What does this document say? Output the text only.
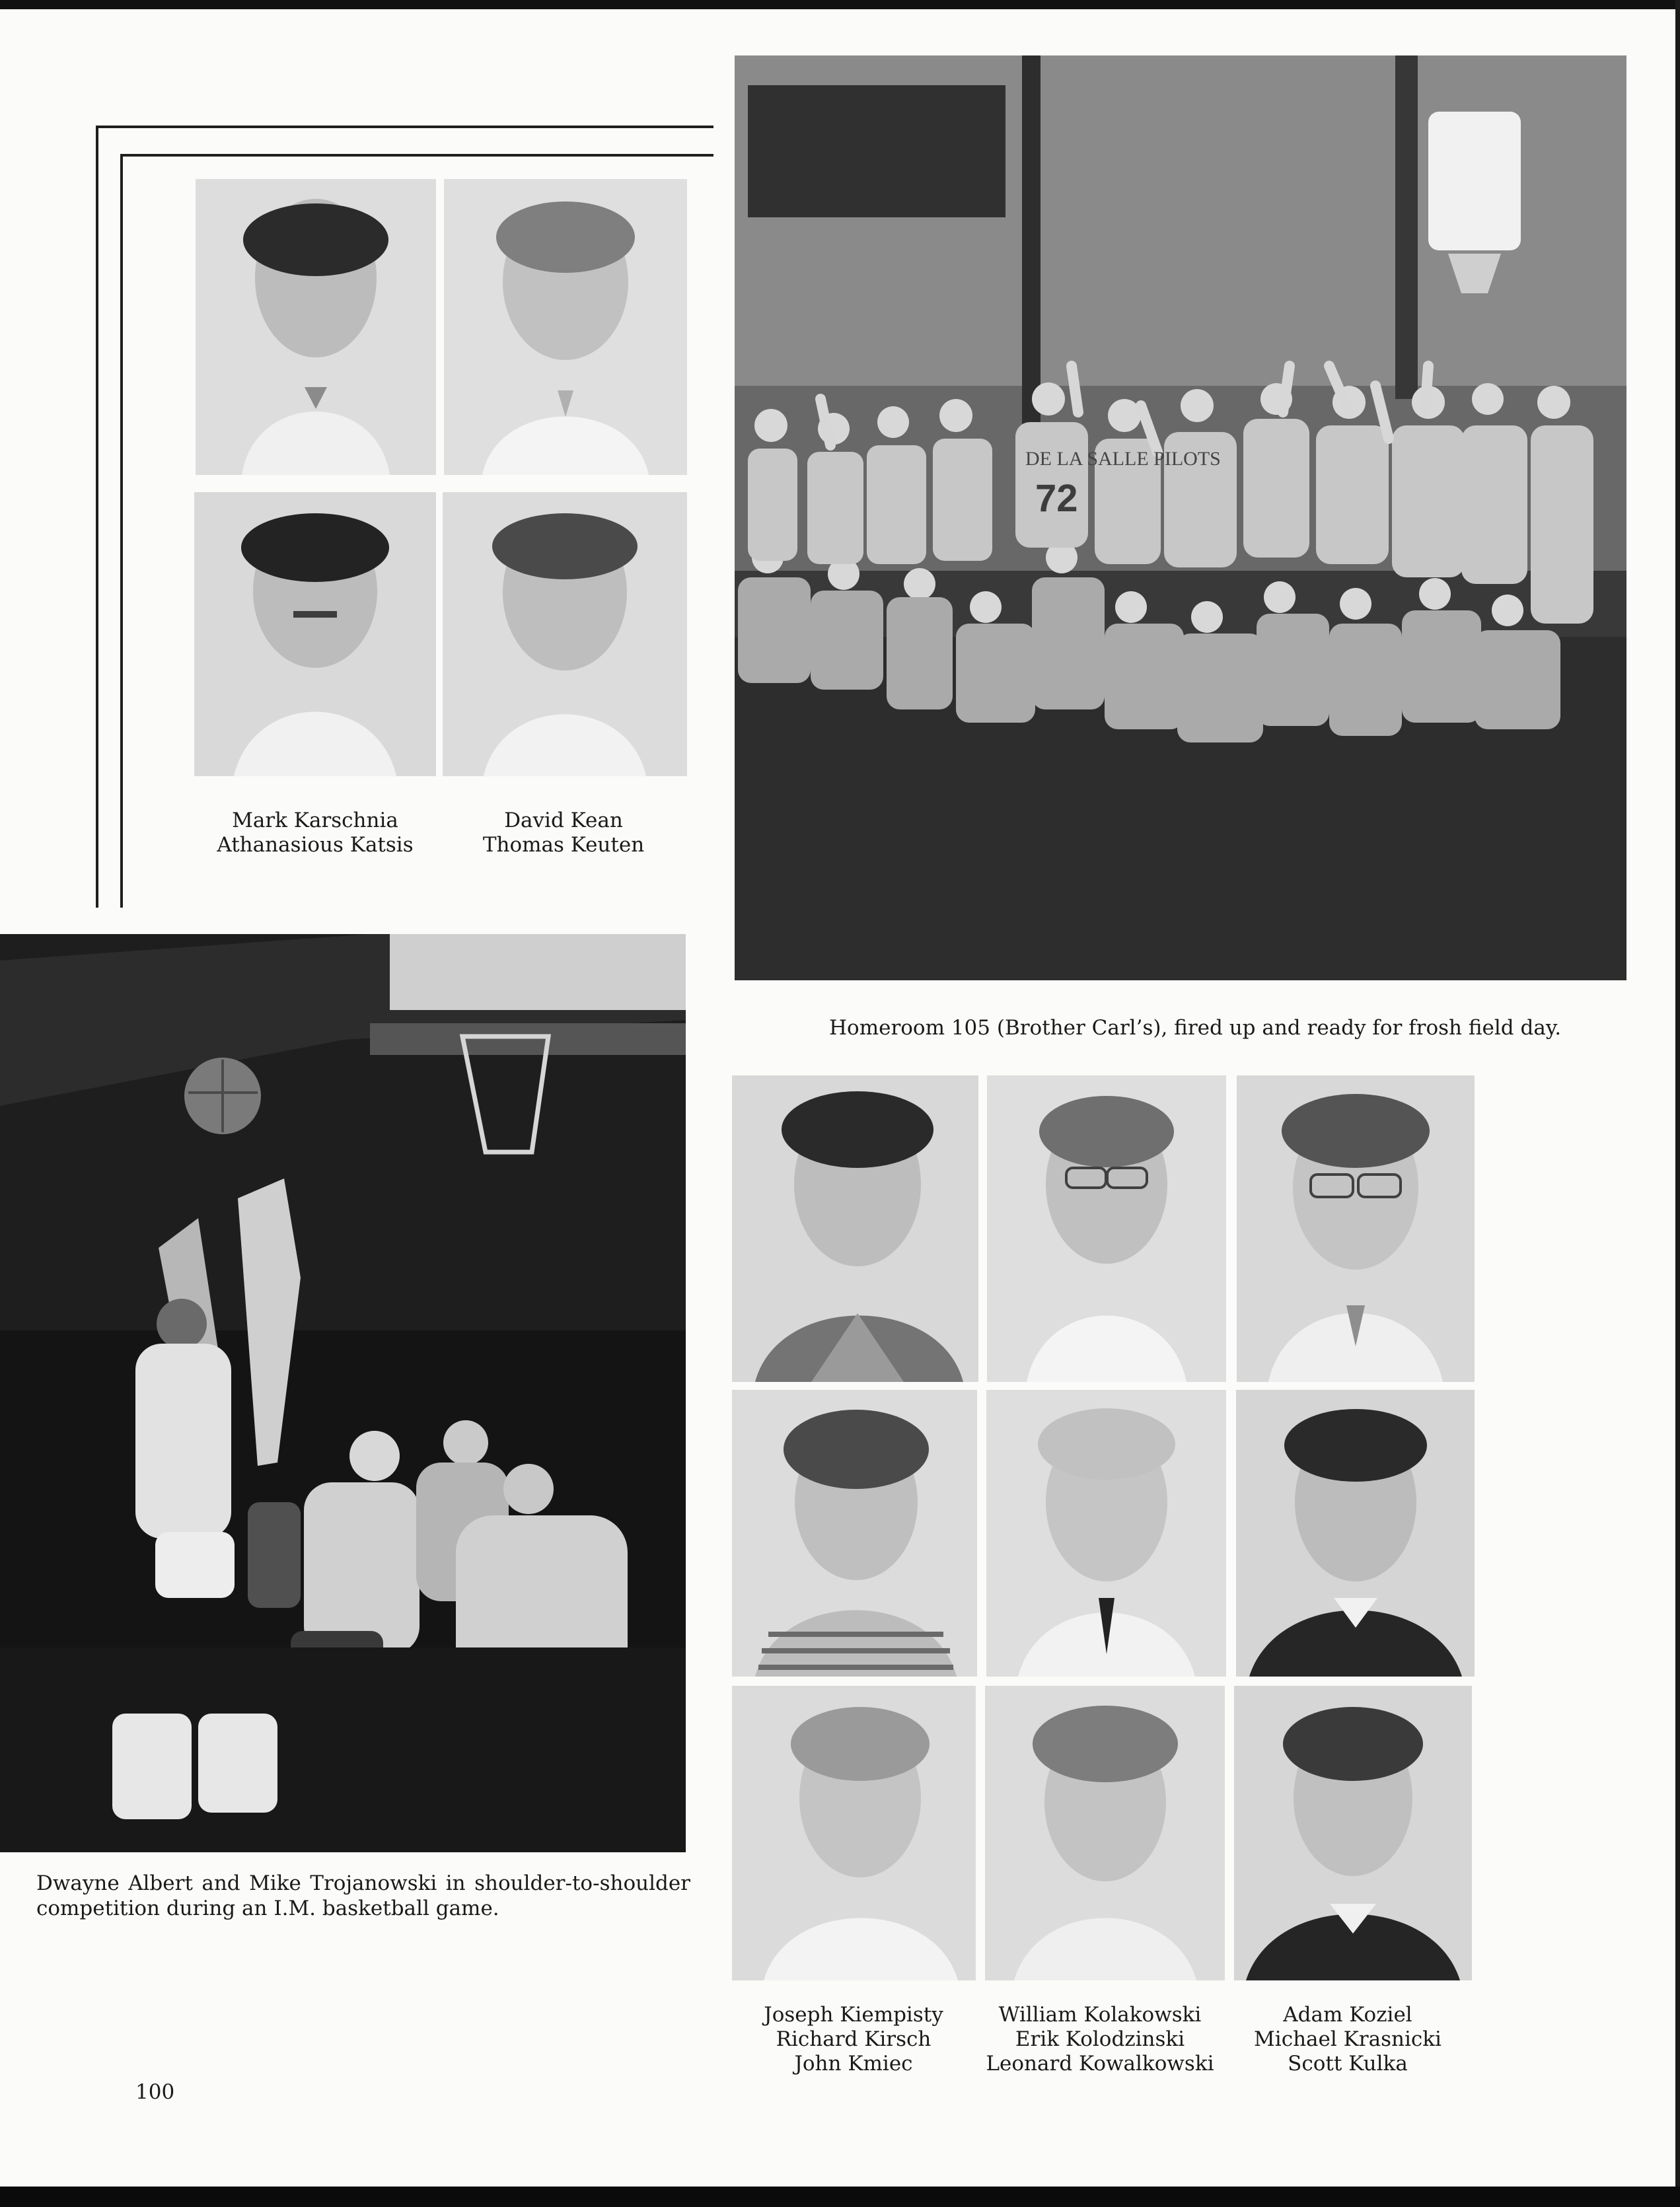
Mark Karschnia
Athanasious Katsis
David Kean
Thomas Keuten
DE LA SALLE PILOTS
72
Homeroom 105 (Brother Carl’s), fired up and ready for frosh field day.
Dwayne Albert and Mike Trojanowski in shoulder-to-shoulder competition during an I.M. basketball game.
Joseph Kiempisty
Richard Kirsch
John Kmiec
William Kolakowski
Erik Kolodzinski
Leonard Kowalkowski
Adam Koziel
Michael Krasnicki
Scott Kulka
100
